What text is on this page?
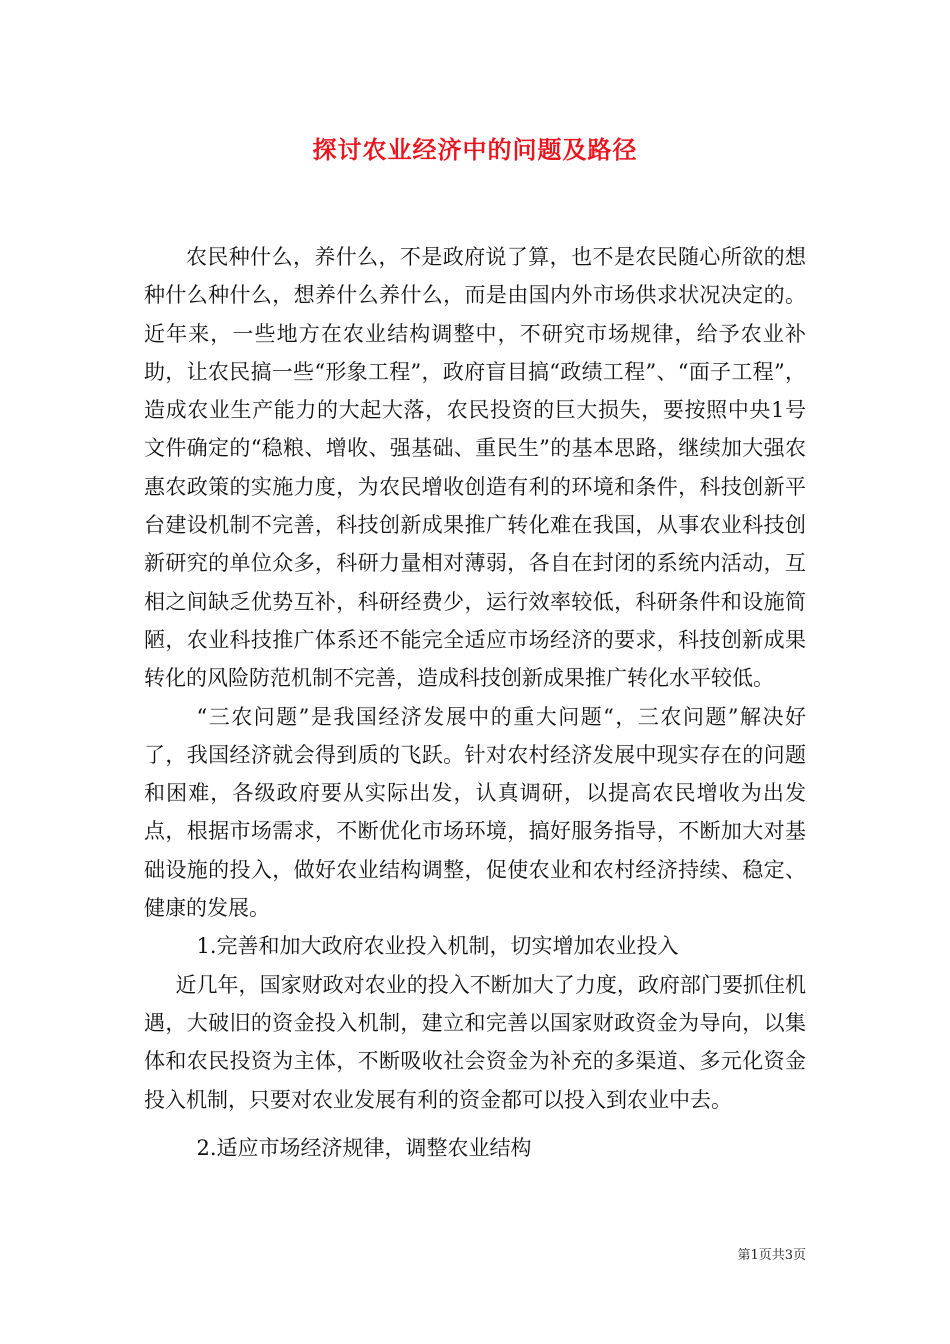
探讨农业经济中的问题及路径

农民种什么，养什么，不是政府说了算，也不是农民随心所欲的想种什么种什么，想养什么养什么，而是由国内外市场供求状况决定的。近年来，一些地方在农业结构调整中，不研究市场规律，给予农业补助，让农民搞一些“形象工程”，政府盲目搞“政绩工程”、“面子工程”，造成农业生产能力的大起大落，农民投资的巨大损失，要按照中央1号文件确定的“稳粮、增收、强基础、重民生”的基本思路，继续加大强农惠农政策的实施力度，为农民增收创造有利的环境和条件，科技创新平台建设机制不完善，科技创新成果推广转化难在我国，从事农业科技创新研究的单位众多，科研力量相对薄弱，各自在封闭的系统内活动，互相之间缺乏优势互补，科研经费少，运行效率较低，科研条件和设施简陋，农业科技推广体系还不能完全适应市场经济的要求，科技创新成果转化的风险防范机制不完善，造成科技创新成果推广转化水平较低。

“三农问题”是我国经济发展中的重大问题“，三农问题”解决好了，我国经济就会得到质的飞跃。针对农村经济发展中现实存在的问题和困难，各级政府要从实际出发，认真调研，以提高农民增收为出发点，根据市场需求，不断优化市场环境，搞好服务指导，不断加大对基础设施的投入，做好农业结构调整，促使农业和农村经济持续、稳定、健康的发展。

1.完善和加大政府农业投入机制，切实增加农业投入

近几年，国家财政对农业的投入不断加大了力度，政府部门要抓住机遇，大破旧的资金投入机制，建立和完善以国家财政资金为导向，以集体和农民投资为主体，不断吸收社会资金为补充的多渠道、多元化资金投入机制，只要对农业发展有利的资金都可以投入到农业中去。

2.适应市场经济规律，调整农业结构

第1页共3页
